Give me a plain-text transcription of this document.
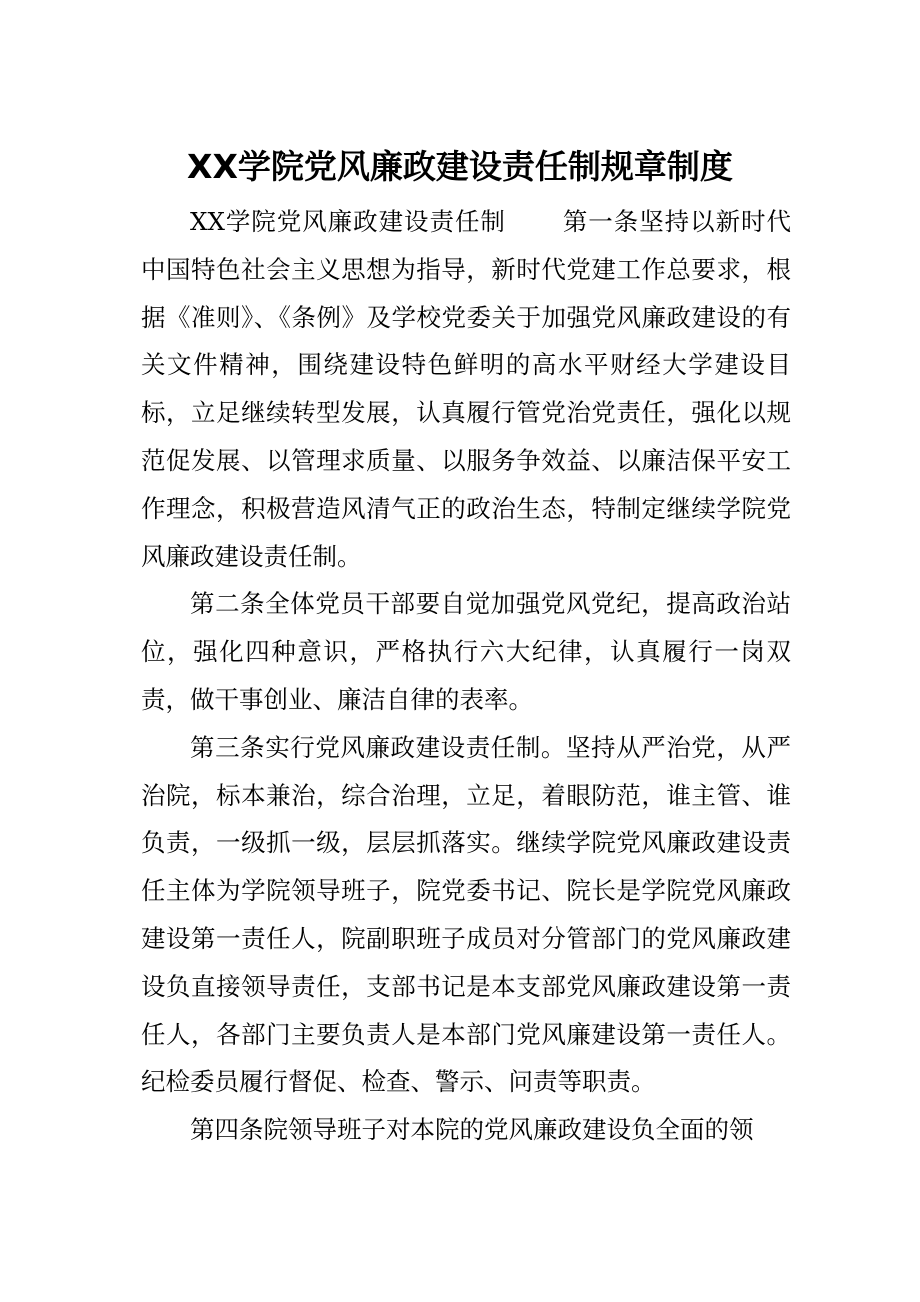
XX学院党风廉政建设责任制规章制度

XX学院党风廉政建设责任制 第一条坚持以新时代中国特色社会主义思想为指导，新时代党建工作总要求，根据《准则》、《条例》及学校党委关于加强党风廉政建设的有关文件精神，围绕建设特色鲜明的高水平财经大学建设目标，立足继续转型发展，认真履行管党治党责任，强化以规范促发展、以管理求质量、以服务争效益、以廉洁保平安工作理念，积极营造风清气正的政治生态，特制定继续学院党风廉政建设责任制。

第二条全体党员干部要自觉加强党风党纪，提高政治站位，强化四种意识，严格执行六大纪律，认真履行一岗双责，做干事创业、廉洁自律的表率。

第三条实行党风廉政建设责任制。坚持从严治党，从严治院，标本兼治，综合治理，立足，着眼防范，谁主管、谁负责，一级抓一级，层层抓落实。继续学院党风廉政建设责任主体为学院领导班子，院党委书记、院长是学院党风廉政建设第一责任人，院副职班子成员对分管部门的党风廉政建设负直接领导责任，支部书记是本支部党风廉政建设第一责任人，各部门主要负责人是本部门党风廉建设第一责任人。纪检委员履行督促、检查、警示、问责等职责。

第四条院领导班子对本院的党风廉政建设负全面的领
